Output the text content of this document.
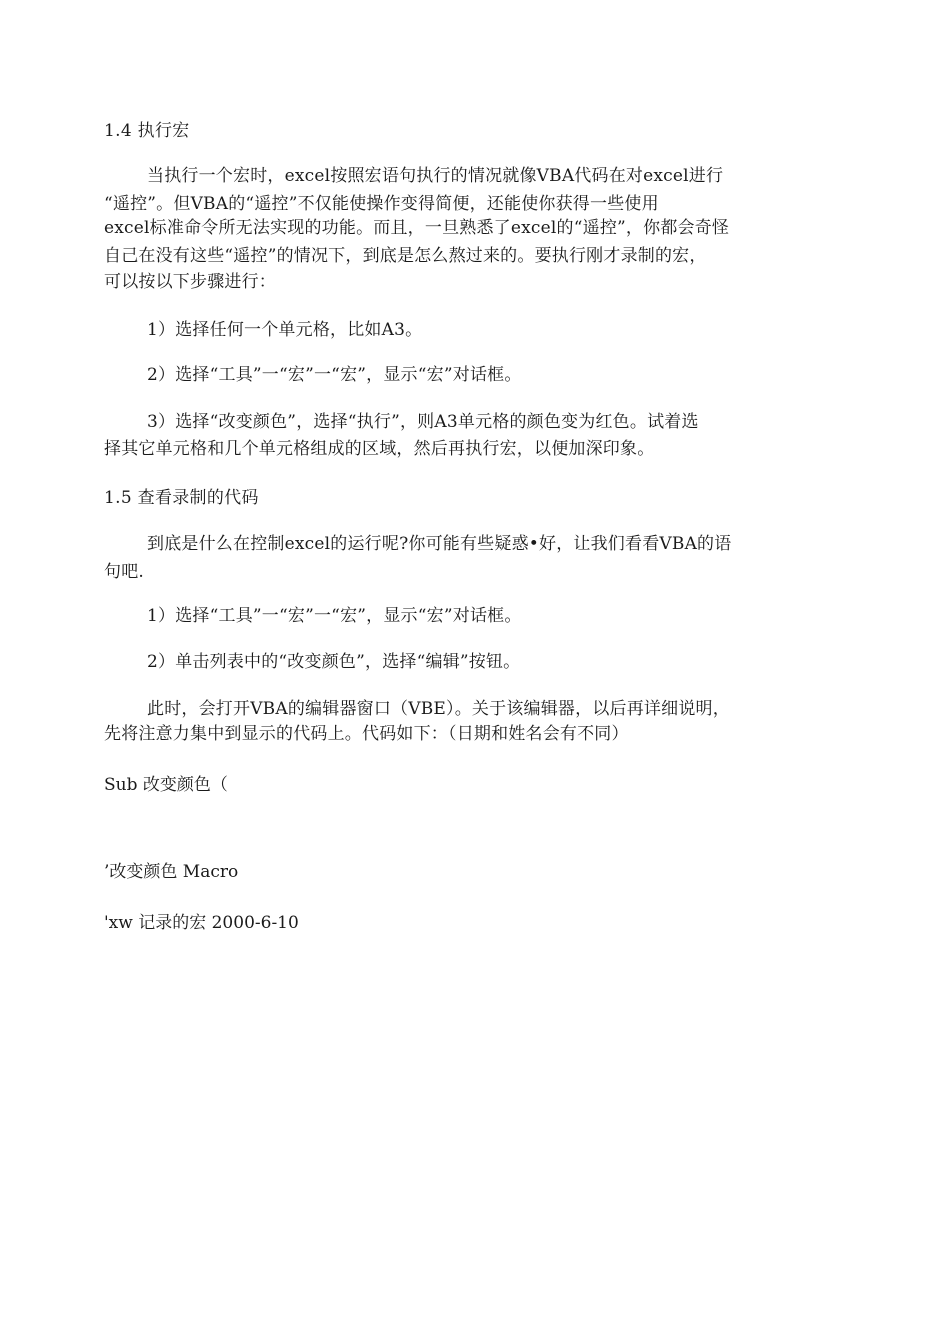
1.4 执行宏
当执行一个宏时，excel按照宏语句执行的情况就像VBA代码在对excel进行
“遥控”。但VBA的“遥控”不仅能使操作变得简便，还能使你获得一些使用
excel标准命令所无法实现的功能。而且，一旦熟悉了excel的“遥控”，你都会奇怪
自己在没有这些“遥控”的情况下，到底是怎么熬过来的。要执行刚才录制的宏，
可以按以下步骤进行：
1）选择任何一个单元格，比如A3。
2）选择“工具”一“宏”一“宏”，显示“宏”对话框。
3）选择“改变颜色”，选择“执行”，则A3单元格的颜色变为红色。试着选
择其它单元格和几个单元格组成的区域，然后再执行宏，以便加深印象。
1.5 查看录制的代码
到底是什么在控制excel的运行呢?你可能有些疑惑•好，让我们看看VBA的语
句吧.
1）选择“工具”一“宏”一“宏”，显示“宏”对话框。
2）单击列表中的“改变颜色”，选择“编辑”按钮。
此时，会打开VBA的编辑器窗口（VBE）。关于该编辑器，以后再详细说明，
先将注意力集中到显示的代码上。代码如下：（日期和姓名会有不同）
Sub 改变颜色（
’改变颜色 Macro
'xw 记录的宏 2000-6-10
